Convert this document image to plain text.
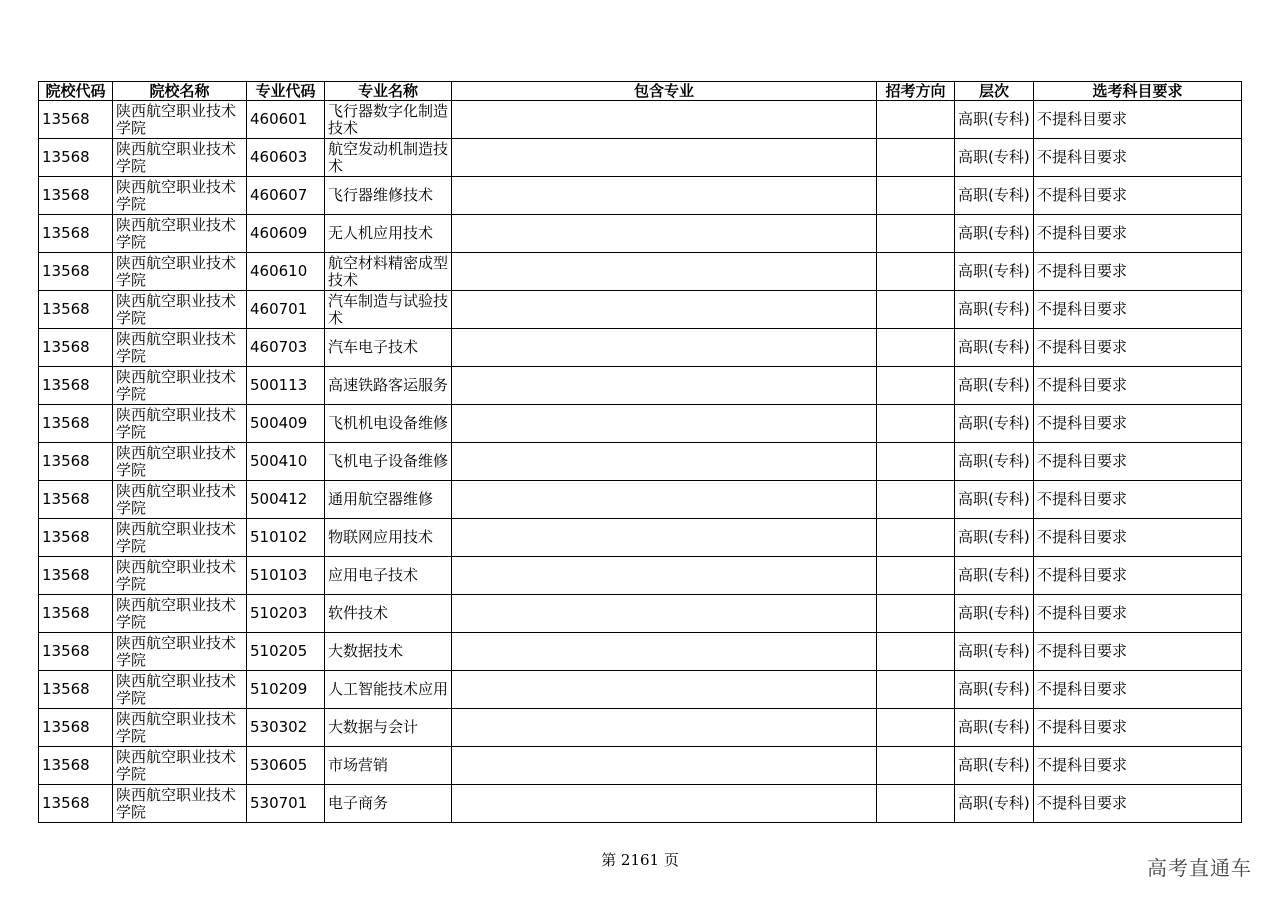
院校代码	院校名称	专业代码	专业名称	包含专业	招考方向	层次	选考科目要求
13568	陕西航空职业技术学院	460601	飞行器数字化制造技术			高职(专科)	不提科目要求
13568	陕西航空职业技术学院	460603	航空发动机制造技术			高职(专科)	不提科目要求
13568	陕西航空职业技术学院	460607	飞行器维修技术			高职(专科)	不提科目要求
13568	陕西航空职业技术学院	460609	无人机应用技术			高职(专科)	不提科目要求
13568	陕西航空职业技术学院	460610	航空材料精密成型技术			高职(专科)	不提科目要求
13568	陕西航空职业技术学院	460701	汽车制造与试验技术			高职(专科)	不提科目要求
13568	陕西航空职业技术学院	460703	汽车电子技术			高职(专科)	不提科目要求
13568	陕西航空职业技术学院	500113	高速铁路客运服务			高职(专科)	不提科目要求
13568	陕西航空职业技术学院	500409	飞机机电设备维修			高职(专科)	不提科目要求
13568	陕西航空职业技术学院	500410	飞机电子设备维修			高职(专科)	不提科目要求
13568	陕西航空职业技术学院	500412	通用航空器维修			高职(专科)	不提科目要求
13568	陕西航空职业技术学院	510102	物联网应用技术			高职(专科)	不提科目要求
13568	陕西航空职业技术学院	510103	应用电子技术			高职(专科)	不提科目要求
13568	陕西航空职业技术学院	510203	软件技术			高职(专科)	不提科目要求
13568	陕西航空职业技术学院	510205	大数据技术			高职(专科)	不提科目要求
13568	陕西航空职业技术学院	510209	人工智能技术应用			高职(专科)	不提科目要求
13568	陕西航空职业技术学院	530302	大数据与会计			高职(专科)	不提科目要求
13568	陕西航空职业技术学院	530605	市场营销			高职(专科)	不提科目要求
13568	陕西航空职业技术学院	530701	电子商务			高职(专科)	不提科目要求
第 2161 页	高考直通车
